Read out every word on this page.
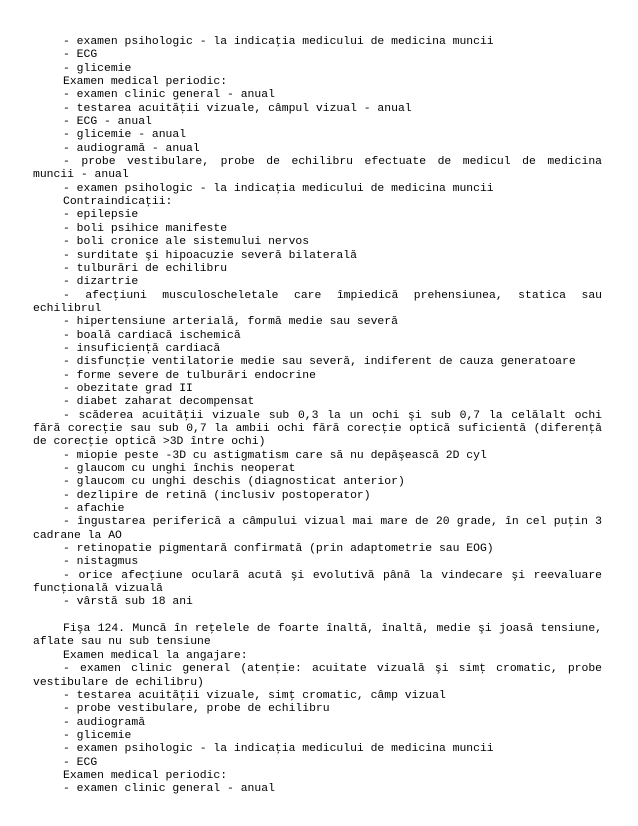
- examen psihologic - la indicaţia medicului de medicina muncii

- ECG

- glicemie

Examen medical periodic:

- examen clinic general - anual

- testarea acuităţii vizuale, câmpul vizual - anual

- ECG - anual

- glicemie - anual

- audiogramă - anual

- probe vestibulare, probe de echilibru efectuate de medicul de medicina muncii - anual

- examen psihologic - la indicaţia medicului de medicina muncii

Contraindicaţii:

- epilepsie

- boli psihice manifeste

- boli cronice ale sistemului nervos

- surditate şi hipoacuzie severă bilaterală

- tulburări de echilibru

- dizartrie

- afecţiuni musculoscheletale care împiedică prehensiunea, statica sau echilibrul

- hipertensiune arterială, formă medie sau severă

- boală cardiacă ischemică

- insuficienţă cardiacă

- disfuncţie ventilatorie medie sau severă, indiferent de cauza generatoare

- forme severe de tulburări endocrine

- obezitate grad II

- diabet zaharat decompensat

- scăderea acuităţii vizuale sub 0,3 la un ochi şi sub 0,7 la celălalt ochi fără corecţie sau sub 0,7 la ambii ochi fără corecţie optică suficientă (diferenţă de corecţie optică >3D între ochi)

- miopie peste -3D cu astigmatism care să nu depăşească 2D cyl

- glaucom cu unghi închis neoperat

- glaucom cu unghi deschis (diagnosticat anterior)

- dezlipire de retină (inclusiv postoperator)

- afachie

- îngustarea periferică a câmpului vizual mai mare de 20 grade, în cel puţin 3 cadrane la AO

- retinopatie pigmentară confirmată (prin adaptometrie sau EOG)

- nistagmus

- orice afecţiune oculară acută şi evolutivă până la vindecare şi reevaluare funcţională vizuală

- vârstă sub 18 ani

Fişa 124. Muncă în reţelele de foarte înaltă, înaltă, medie şi joasă tensiune, aflate sau nu sub tensiune

Examen medical la angajare:

- examen clinic general (atenţie: acuitate vizuală şi simţ cromatic, probe vestibulare de echilibru)

- testarea acuităţii vizuale, simţ cromatic, câmp vizual

- probe vestibulare, probe de echilibru

- audiogramă

- glicemie

- examen psihologic - la indicaţia medicului de medicina muncii

- ECG

Examen medical periodic:

- examen clinic general - anual
